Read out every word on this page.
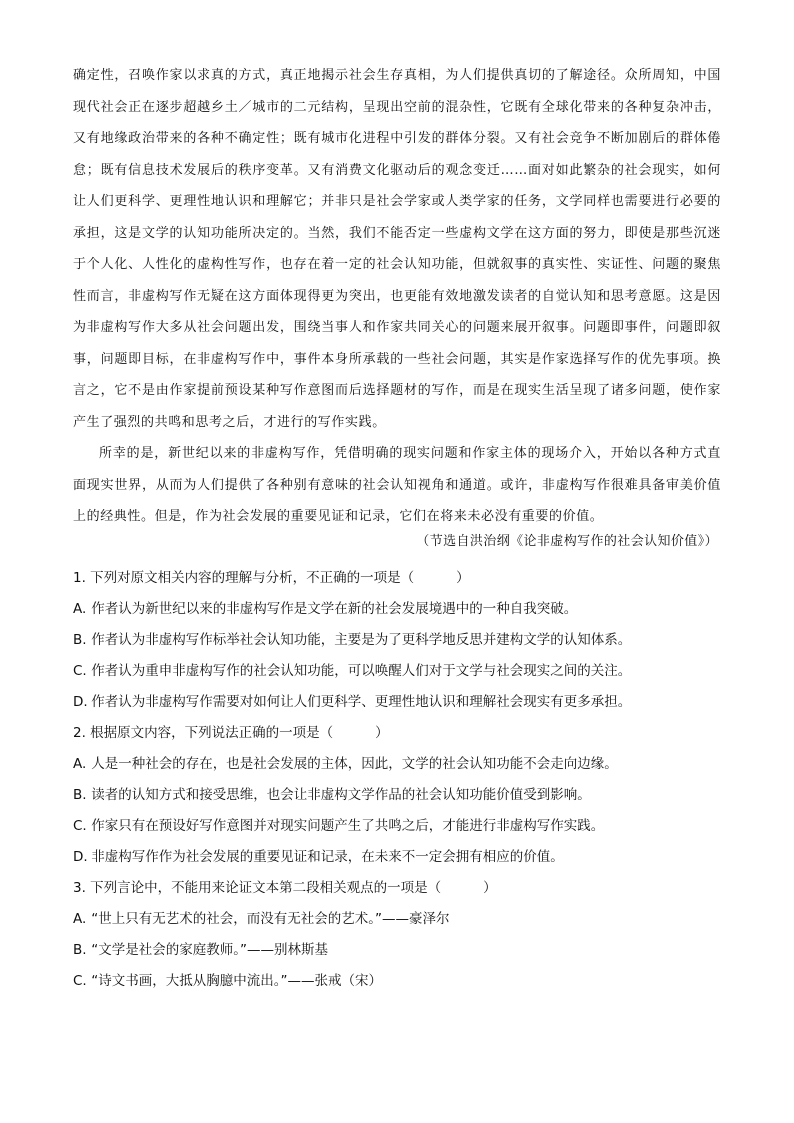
确定性，召唤作家以求真的方式，真正地揭示社会生存真相，为人们提供真切的了解途径。众所周知，中国现代社会正在逐步超越乡土／城市的二元结构，呈现出空前的混杂性，它既有全球化带来的各种复杂冲击，又有地缘政治带来的各种不确定性；既有城市化进程中引发的群体分裂。又有社会竞争不断加剧后的群体倦怠；既有信息技术发展后的秩序变革。又有消费文化驱动后的观念变迁……面对如此繁杂的社会现实，如何让人们更科学、更理性地认识和理解它；并非只是社会学家或人类学家的任务，文学同样也需要进行必要的承担，这是文学的认知功能所决定的。当然，我们不能否定一些虚构文学在这方面的努力，即使是那些沉迷于个人化、人性化的虚构性写作，也存在着一定的社会认知功能，但就叙事的真实性、实证性、问题的聚焦性而言，非虚构写作无疑在这方面体现得更为突出，也更能有效地激发读者的自觉认知和思考意愿。这是因为非虚构写作大多从社会问题出发，围绕当事人和作家共同关心的问题来展开叙事。问题即事件，问题即叙事，问题即目标，在非虚构写作中，事件本身所承载的一些社会问题，其实是作家选择写作的优先事项。换言之，它不是由作家提前预设某种写作意图而后选择题材的写作，而是在现实生活呈现了诸多问题，使作家产生了强烈的共鸣和思考之后，才进行的写作实践。

所幸的是，新世纪以来的非虚构写作，凭借明确的现实问题和作家主体的现场介入，开始以各种方式直面现实世界，从而为人们提供了各种别有意味的社会认知视角和通道。或许，非虚构写作很难具备审美价值上的经典性。但是，作为社会发展的重要见证和记录，它们在将来未必没有重要的价值。

（节选自洪治纲《论非虚构写作的社会认知价值》）
1. 下列对原文相关内容的理解与分析，不正确的一项是（	）
A. 作者认为新世纪以来的非虚构写作是文学在新的社会发展境遇中的一种自我突破。
B. 作者认为非虚构写作标举社会认知功能，主要是为了更科学地反思并建构文学的认知体系。
C. 作者认为重申非虚构写作的社会认知功能，可以唤醒人们对于文学与社会现实之间的关注。
D. 作者认为非虚构写作需要对如何让人们更科学、更理性地认识和理解社会现实有更多承担。
2. 根据原文内容，下列说法正确的一项是（	）
A. 人是一种社会的存在，也是社会发展的主体，因此，文学的社会认知功能不会走向边缘。
B. 读者的认知方式和接受思维，也会让非虚构文学作品的社会认知功能价值受到影响。
C. 作家只有在预设好写作意图并对现实问题产生了共鸣之后，才能进行非虚构写作实践。
D. 非虚构写作作为社会发展的重要见证和记录，在未来不一定会拥有相应的价值。
3. 下列言论中，不能用来论证文本第二段相关观点的一项是（	）
A. “世上只有无艺术的社会，而没有无社会的艺术。”——豪泽尔
B. “文学是社会的家庭教师。”——别林斯基
C. “诗文书画，大抵从胸臆中流出。”——张戒（宋）
